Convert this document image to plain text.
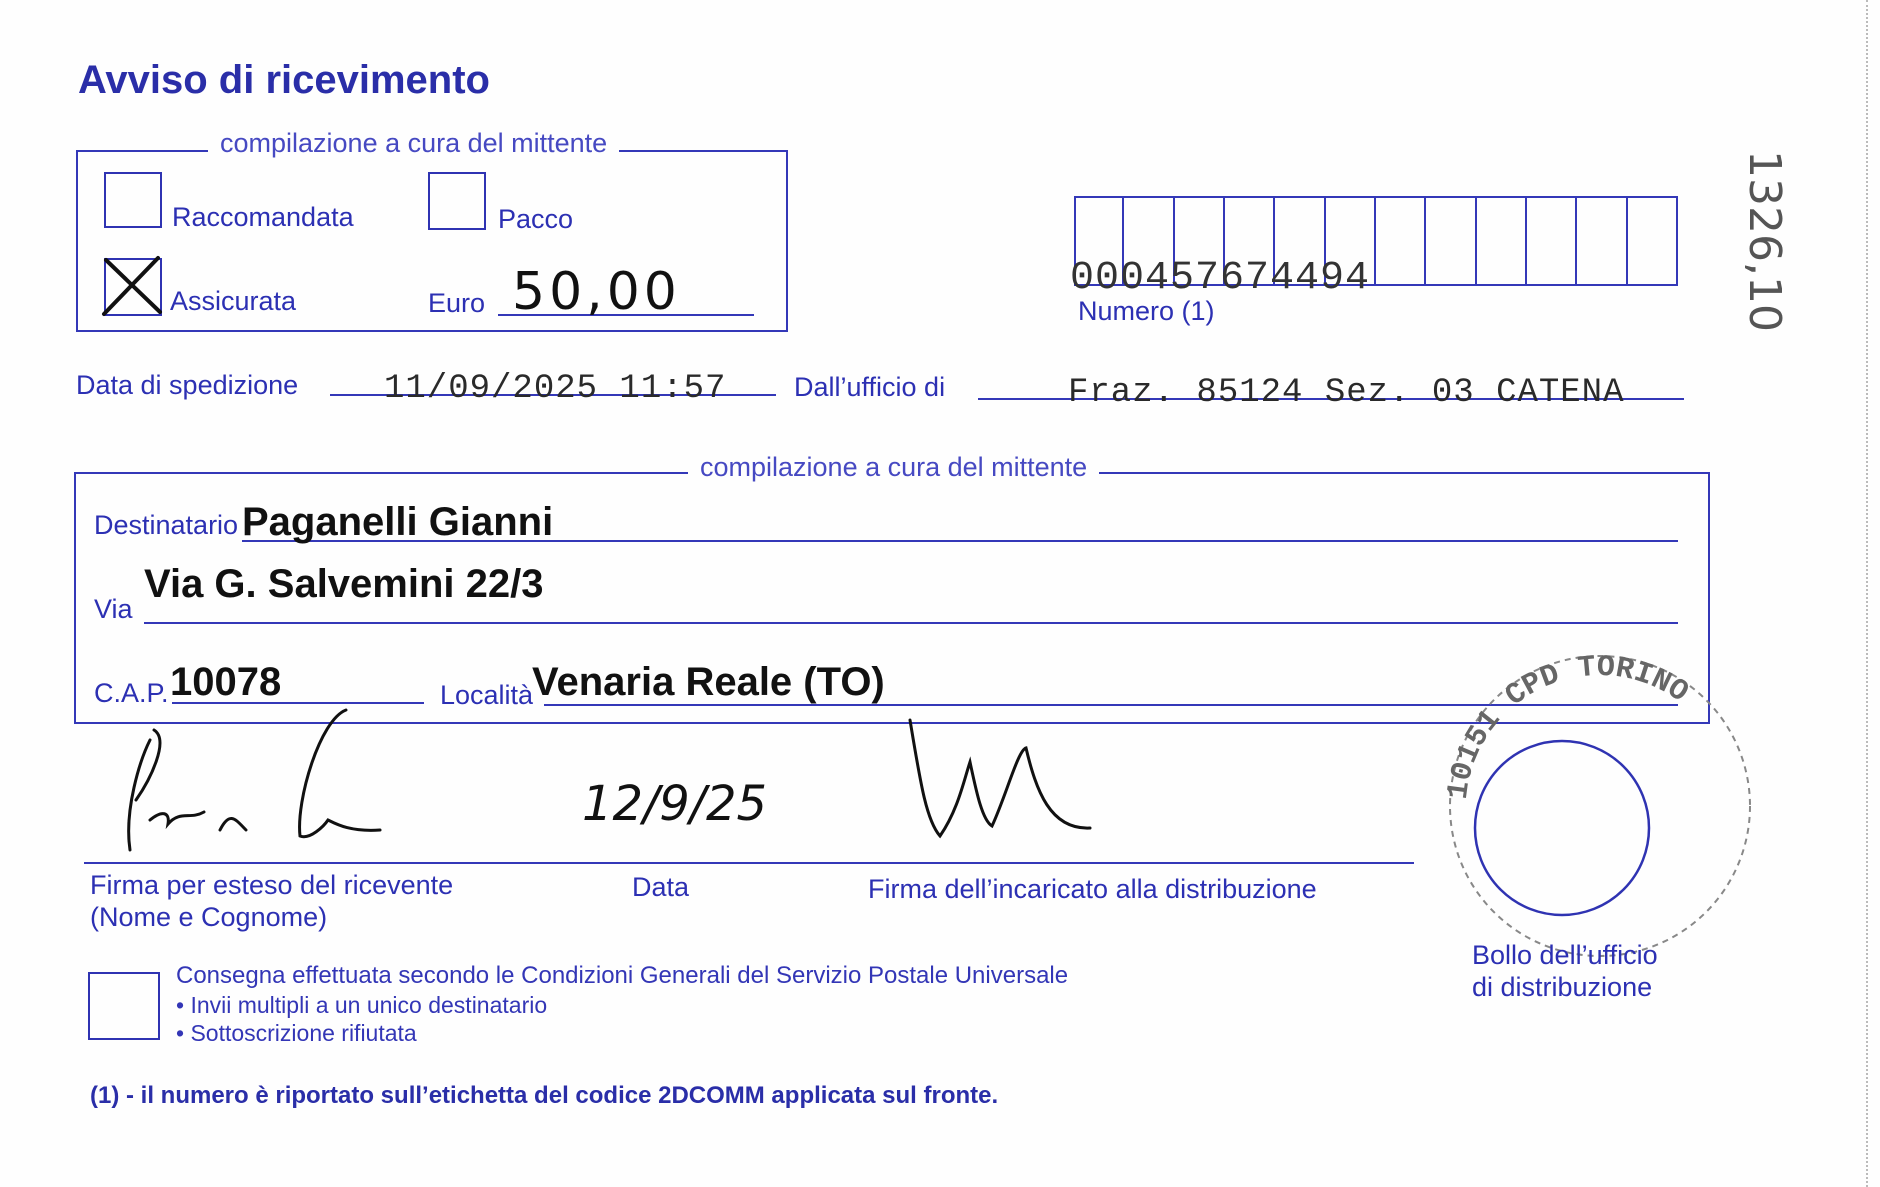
Avviso di ricevimento
1326,10
compilazione a cura del mittente
Raccomandata	Pacco
Assicurata	Euro 50,00	000457674494
Numero (1)
Data di spedizione	11/09/2025 11:57	Dall’ufficio di	Fraz. 85124 Sez. 03 CATENA
compilazione a cura del mittente
Destinatario Paganelli Gianni
Via
Via G. Salvemini 22/3
C.A.P. 10078	Località
Venaria Reale (TO)
12/9/25
Firma per esteso del ricevente
(Nome e Cognome)
Data	Firma dell’incaricato alla distribuzione
10151 CPD TORINO
Bollo dell’ufficio
di distribuzione
Consegna effettuata secondo le Condizioni Generali del Servizio Postale Universale
• Invii multipli a un unico destinatario
• Sottoscrizione rifiutata
(1) - il numero è riportato sull’etichetta del codice 2DCOMM applicata sul fronte.
